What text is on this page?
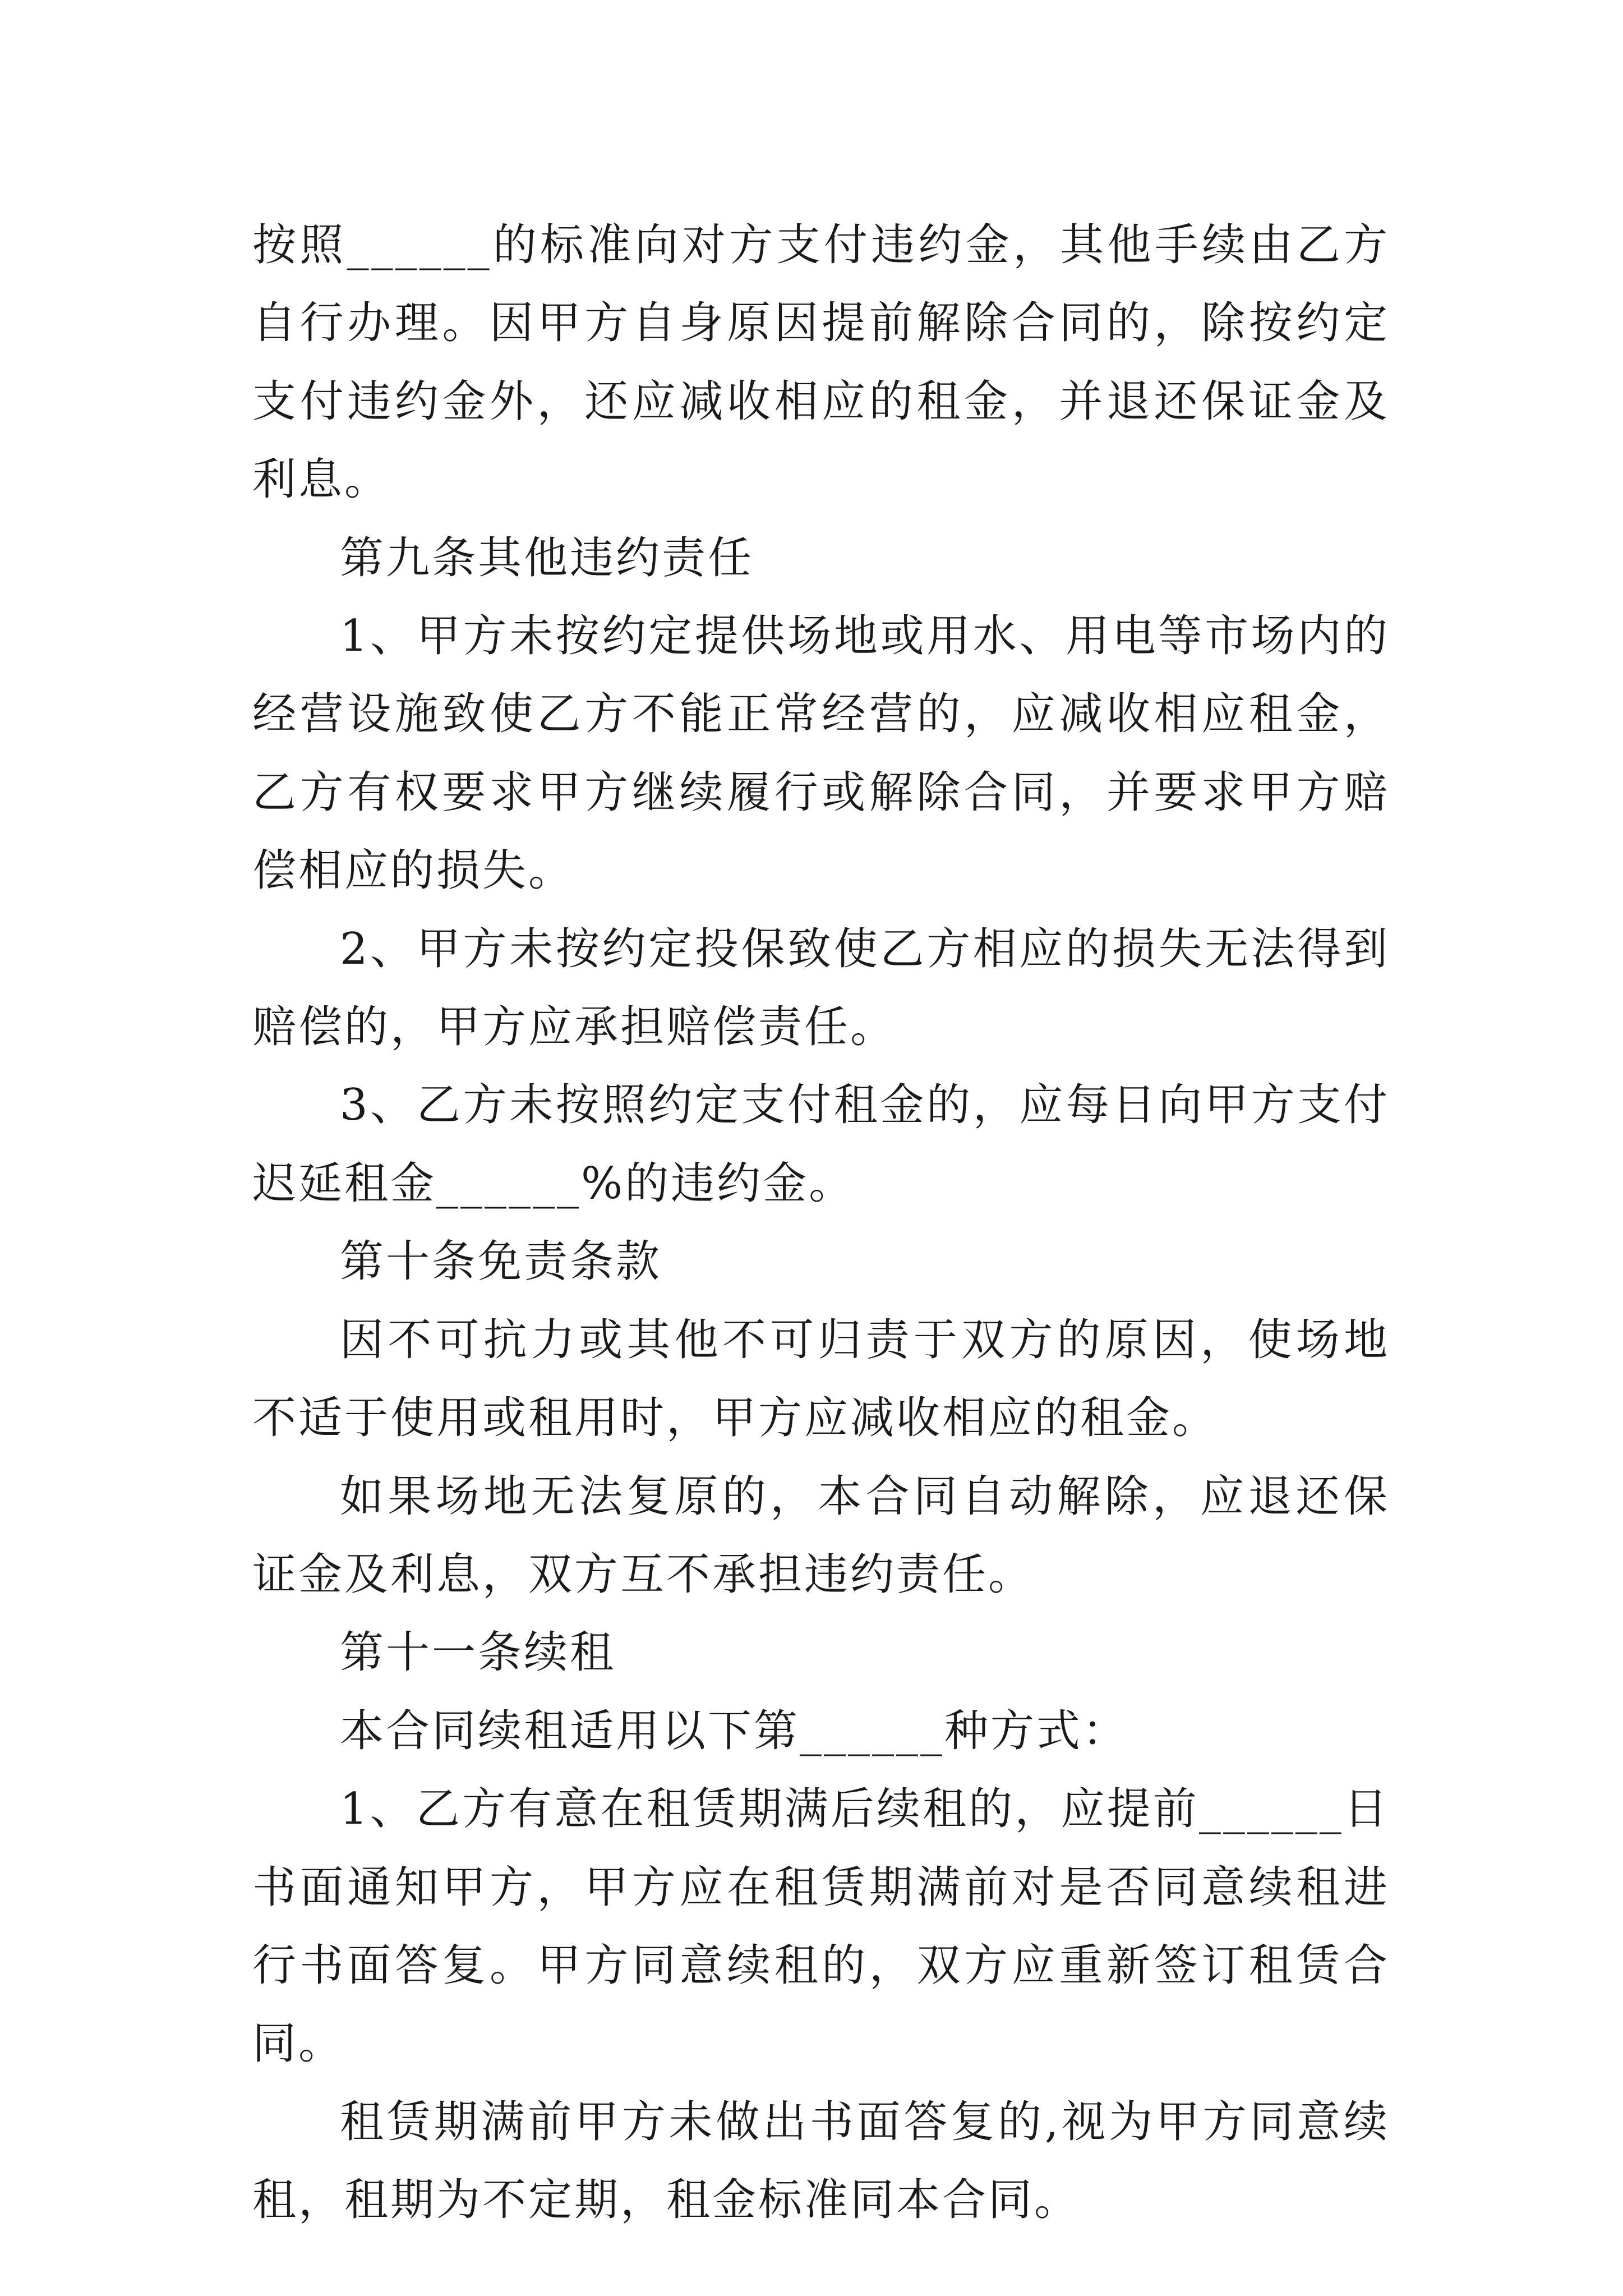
按照______的标准向对方支付违约金，其他手续由乙方自行办理。因甲方自身原因提前解除合同的，除按约定支付违约金外，还应减收相应的租金，并退还保证金及利息。

第九条其他违约责任

1、甲方未按约定提供场地或用水、用电等市场内的经营设施致使乙方不能正常经营的，应减收相应租金，乙方有权要求甲方继续履行或解除合同，并要求甲方赔偿相应的损失。

2、甲方未按约定投保致使乙方相应的损失无法得到赔偿的，甲方应承担赔偿责任。

3、乙方未按照约定支付租金的，应每日向甲方支付迟延租金______%的违约金。

第十条免责条款

因不可抗力或其他不可归责于双方的原因，使场地不适于使用或租用时，甲方应减收相应的租金。

如果场地无法复原的，本合同自动解除，应退还保证金及利息，双方互不承担违约责任。

第十一条续租

本合同续租适用以下第______种方式：

1、乙方有意在租赁期满后续租的，应提前______日书面通知甲方，甲方应在租赁期满前对是否同意续租进行书面答复。甲方同意续租的，双方应重新签订租赁合同。

租赁期满前甲方未做出书面答复的,视为甲方同意续租，租期为不定期，租金标准同本合同。
